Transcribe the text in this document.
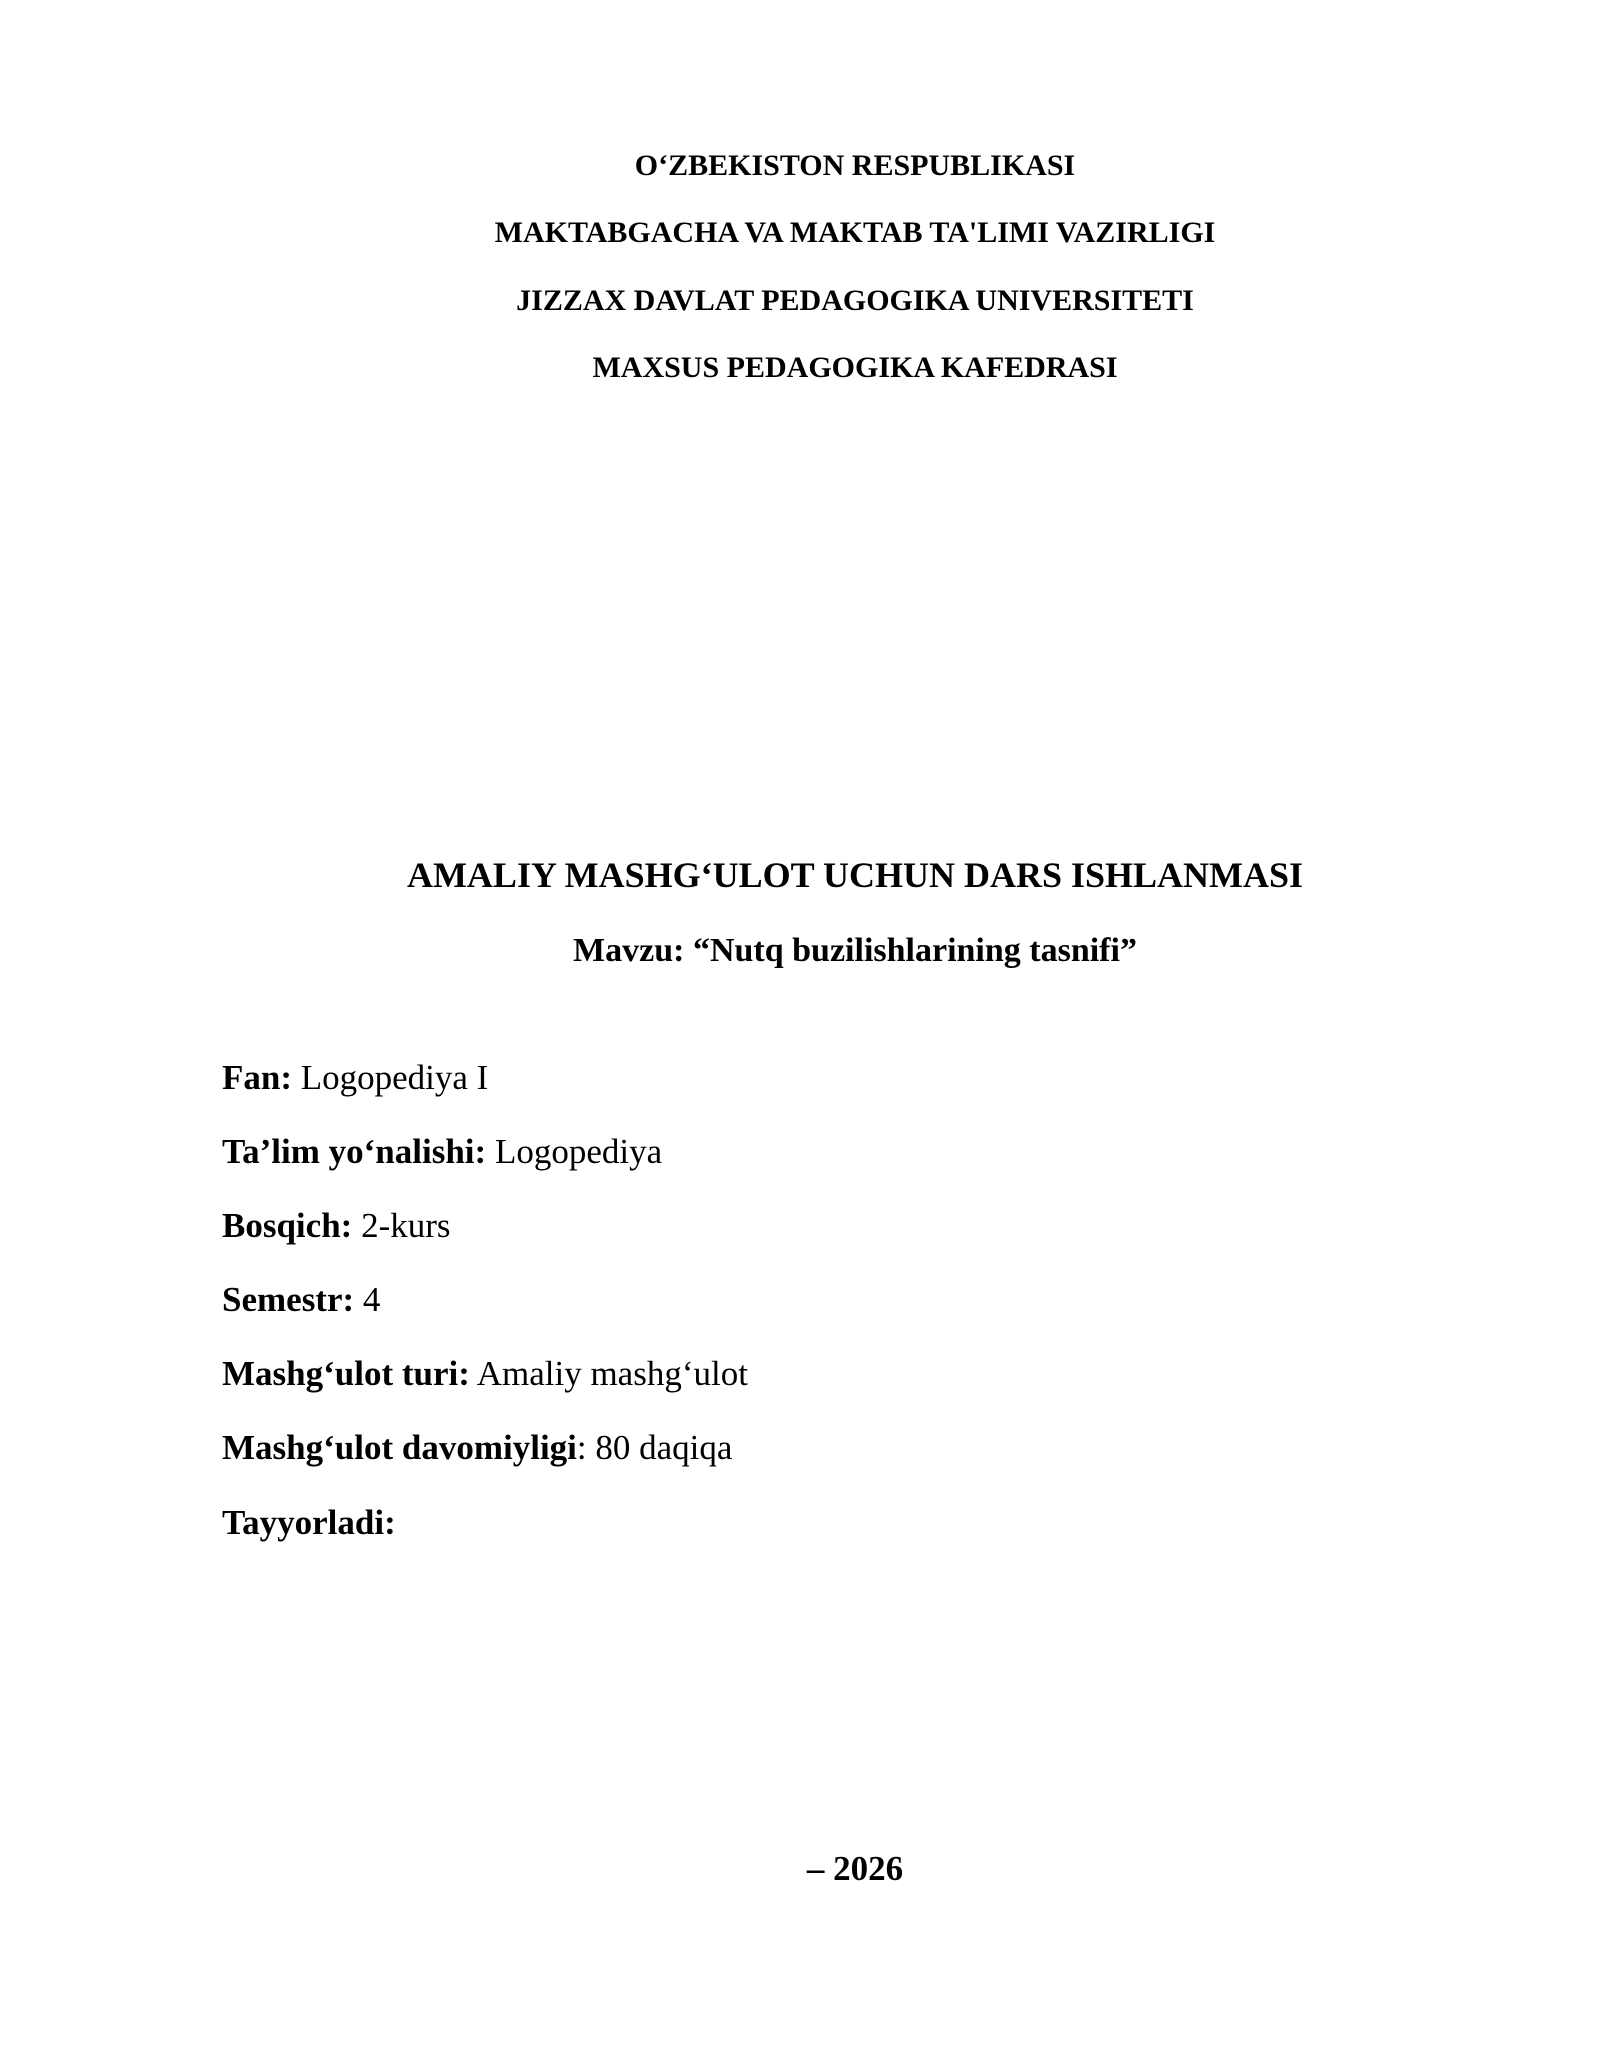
O‘ZBEKISTON RESPUBLIKASI
MAKTABGACHA VA MAKTAB TA'LIMI VAZIRLIGI
JIZZAX DAVLAT PEDAGOGIKA UNIVERSITETI
MAXSUS PEDAGOGIKA KAFEDRASI
AMALIY MASHG‘ULOT UCHUN DARS ISHLANMASI
Mavzu: “Nutq buzilishlarining tasnifi”
Fan: Logopediya I
Ta’lim yo‘nalishi: Logopediya
Bosqich: 2-kurs
Semestr: 4
Mashg‘ulot turi: Amaliy mashg‘ulot
Mashg‘ulot davomiyligi: 80 daqiqa
Tayyorladi:
– 2026
